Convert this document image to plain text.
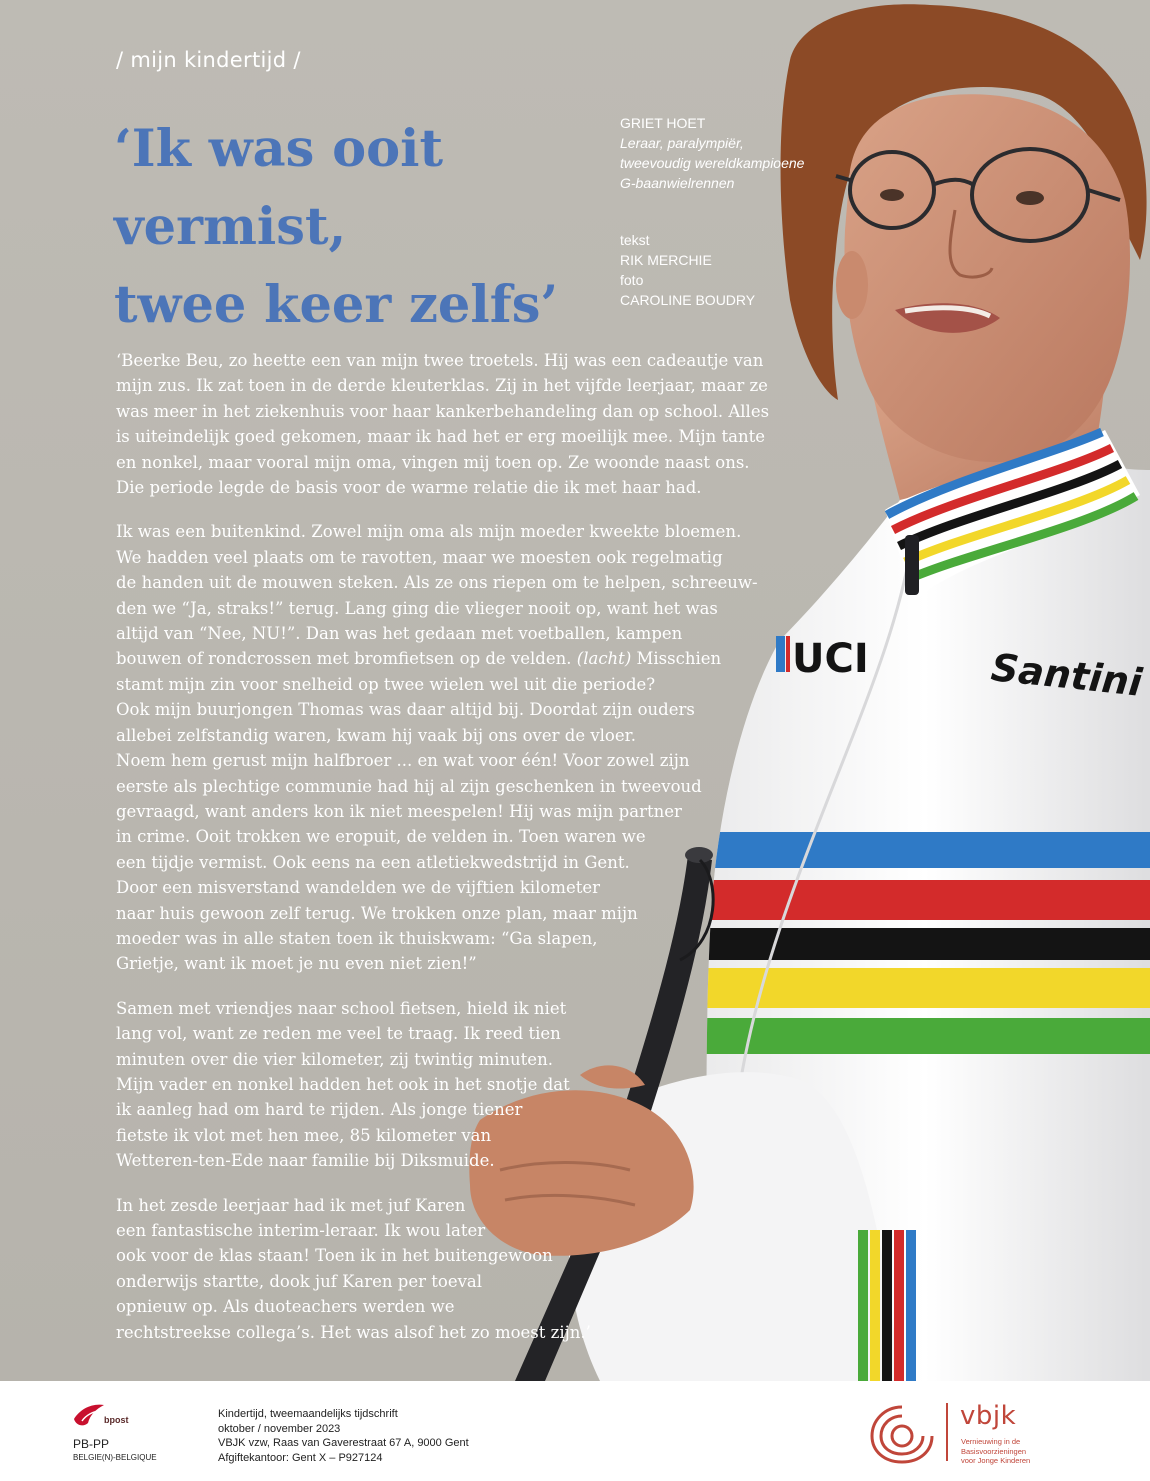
UCI	Santini
/ mijn kindertijd /
‘Ik was ooit
vermist,
twee keer zelfs’
GRIET HOET
Leraar, paralympiër,
tweevoudig wereldkampioene
G-baanwielrennen
tekst
RIK MERCHIE
foto
CAROLINE BOUDRY

‘Beerke Beu, zo heette een van mijn twee troetels. Hij was een cadeautje van
mijn zus. Ik zat toen in de derde kleuterklas. Zij in het vijfde leerjaar, maar ze
was meer in het ziekenhuis voor haar kankerbehandeling dan op school. Alles
is uiteindelijk goed gekomen, maar ik had het er erg moeilijk mee. Mijn tante
en nonkel, maar vooral mijn oma, vingen mij toen op. Ze woonde naast ons.
Die periode legde de basis voor de warme relatie die ik met haar had.

Ik was een buitenkind. Zowel mijn oma als mijn moeder kweekte bloemen.
We hadden veel plaats om te ravotten, maar we moesten ook regelmatig
de handen uit de mouwen steken. Als ze ons riepen om te helpen, schreeuw-
den we “Ja, straks!” terug. Lang ging die vlieger nooit op, want het was
altijd van “Nee, NU!”. Dan was het gedaan met voetballen, kampen
bouwen of rondcrossen met bromfietsen op de velden. (lacht) Misschien
stamt mijn zin voor snelheid op twee wielen wel uit die periode?
Ook mijn buurjongen Thomas was daar altijd bij. Doordat zijn ouders
allebei zelfstandig waren, kwam hij vaak bij ons over de vloer.
Noem hem gerust mijn halfbroer ... en wat voor één! Voor zowel zijn
eerste als plechtige communie had hij al zijn geschenken in tweevoud
gevraagd, want anders kon ik niet meespelen! Hij was mijn partner
in crime. Ooit trokken we eropuit, de velden in. Toen waren we
een tijdje vermist. Ook eens na een atletiekwedstrijd in Gent.
Door een misverstand wandelden we de vijftien kilometer
naar huis gewoon zelf terug. We trokken onze plan, maar mijn
moeder was in alle staten toen ik thuiskwam: “Ga slapen,
Grietje, want ik moet je nu even niet zien!”

Samen met vriendjes naar school fietsen, hield ik niet
lang vol, want ze reden me veel te traag. Ik reed tien
minuten over die vier kilometer, zij twintig minuten.
Mijn vader en nonkel hadden het ook in het snotje dat
ik aanleg had om hard te rijden. Als jonge tiener
fietste ik vlot met hen mee, 85 kilometer van
Wetteren-ten-Ede naar familie bij Diksmuide.

In het zesde leerjaar had ik met juf Karen
een fantastische interim-leraar. Ik wou later
ook voor de klas staan! Toen ik in het buitengewoon
onderwijs startte, dook juf Karen per toeval
opnieuw op. Als duoteachers werden we
rechtstreekse collega’s. Het was alsof het zo moest zijn.’

bpost
PB-PP
BELGIE(N)-BELGIQUE
Kindertijd, tweemaandelijks tijdschrift
oktober / november 2023
VBJK vzw, Raas van Gaverestraat 67 A, 9000 Gent
Afgiftekantoor: Gent X – P927124
vbjk
Vernieuwing in de
Basisvoorzieningen
voor Jonge Kinderen
